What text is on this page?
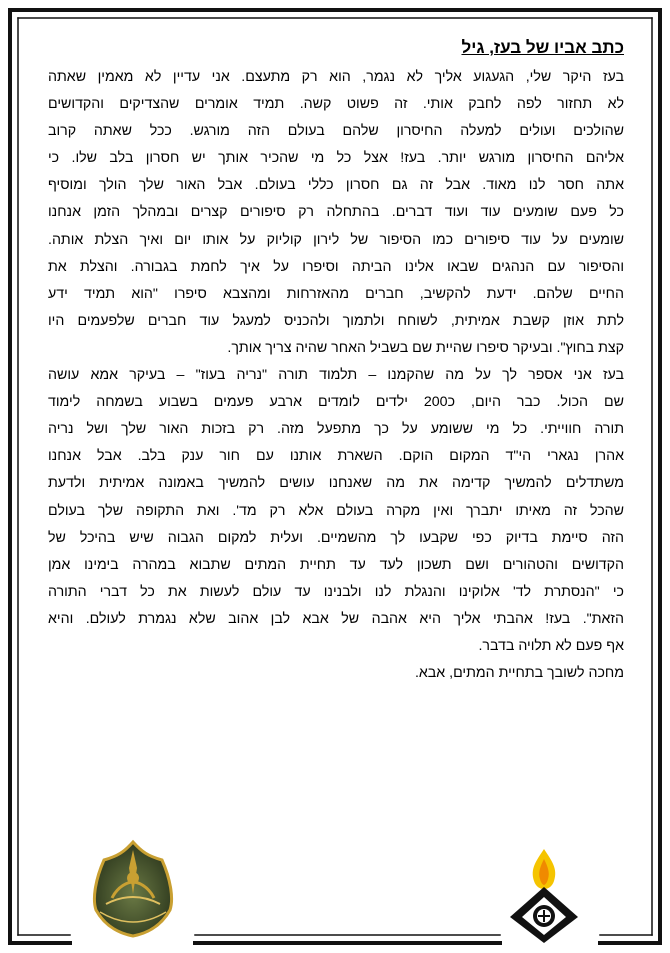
כתב אביו של בעז, גיל
בעז היקר שלי, הגעגוע אליך לא נגמר, הוא רק מתעצם. אני עדיין לא מאמין שאתה
לא תחזור לפה לחבק אותי. זה פשוט קשה. תמיד אומרים שהצדיקים והקדושים
שהולכים ועולים למעלה החיסרון שלהם בעולם הזה מורגש. ככל שאתה קרוב
אליהם החיסרון מורגש יותר. בעז! אצל כל מי שהכיר אותך יש חסרון בלב שלו. כי
אתה חסר לנו מאוד. אבל זה גם חסרון כללי בעולם. אבל האור שלך הולך ומוסיף
כל פעם שומעים עוד ועוד דברים. בהתחלה רק סיפורים קצרים ובמהלך הזמן אנחנו
שומעים על עוד סיפורים כמו הסיפור של לירון קוליוק על אותו יום ואיך הצלת אותה.
והסיפור עם הנהגים שבאו אלינו הביתה וסיפרו על איך לחמת בגבורה. והצלת את
החיים שלהם. ידעת להקשיב, חברים מהאזרחות ומהצבא סיפרו "הוא תמיד ידע
לתת אוזן קשבת אמיתית, לשוחח ולתמוך ולהכניס למעגל עוד חברים שלפעמים היו
קצת בחוץ". ובעיקר סיפרו שהיית שם בשביל האחר שהיה צריך אותך.
בעז אני אספר לך על מה שהקמנו – תלמוד תורה "נריה בעוז" – בעיקר אמא עושה
שם הכול. כבר היום, כ200 ילדים לומדים ארבע פעמים בשבוע בשמחה לימוד
תורה חווייתי. כל מי ששומע על כך מתפעל מזה. רק בזכות האור שלך ושל נריה
אהרן נגארי הי"ד המקום הוקם. השארת אותנו עם חור ענק בלב. אבל אנחנו
משתדלים להמשיך קדימה את מה שאנחנו עושים להמשיך באמונה אמיתית ולדעת
שהכל זה מאיתו יתברך ואין מקרה בעולם אלא רק מד'. ואת התקופה שלך בעולם
הזה סיימת בדיוק כפי שקבעו לך מהשמיים. ועלית למקום הגבוה שיש בהיכל של
הקדושים והטהורים ושם תשכון לעד עד תחיית המתים שתבוא במהרה בימינו אמן
כי "הנסתרת לד' אלוקינו והנגלת לנו ולבנינו עד עולם לעשות את כל דברי התורה
הזאת". בעז! אהבתי אליך היא אהבה של אבא לבן אהוב שלא נגמרת לעולם. והיא
אף פעם לא תלויה בדבר.
מחכה לשובך בתחיית המתים, אבא.
